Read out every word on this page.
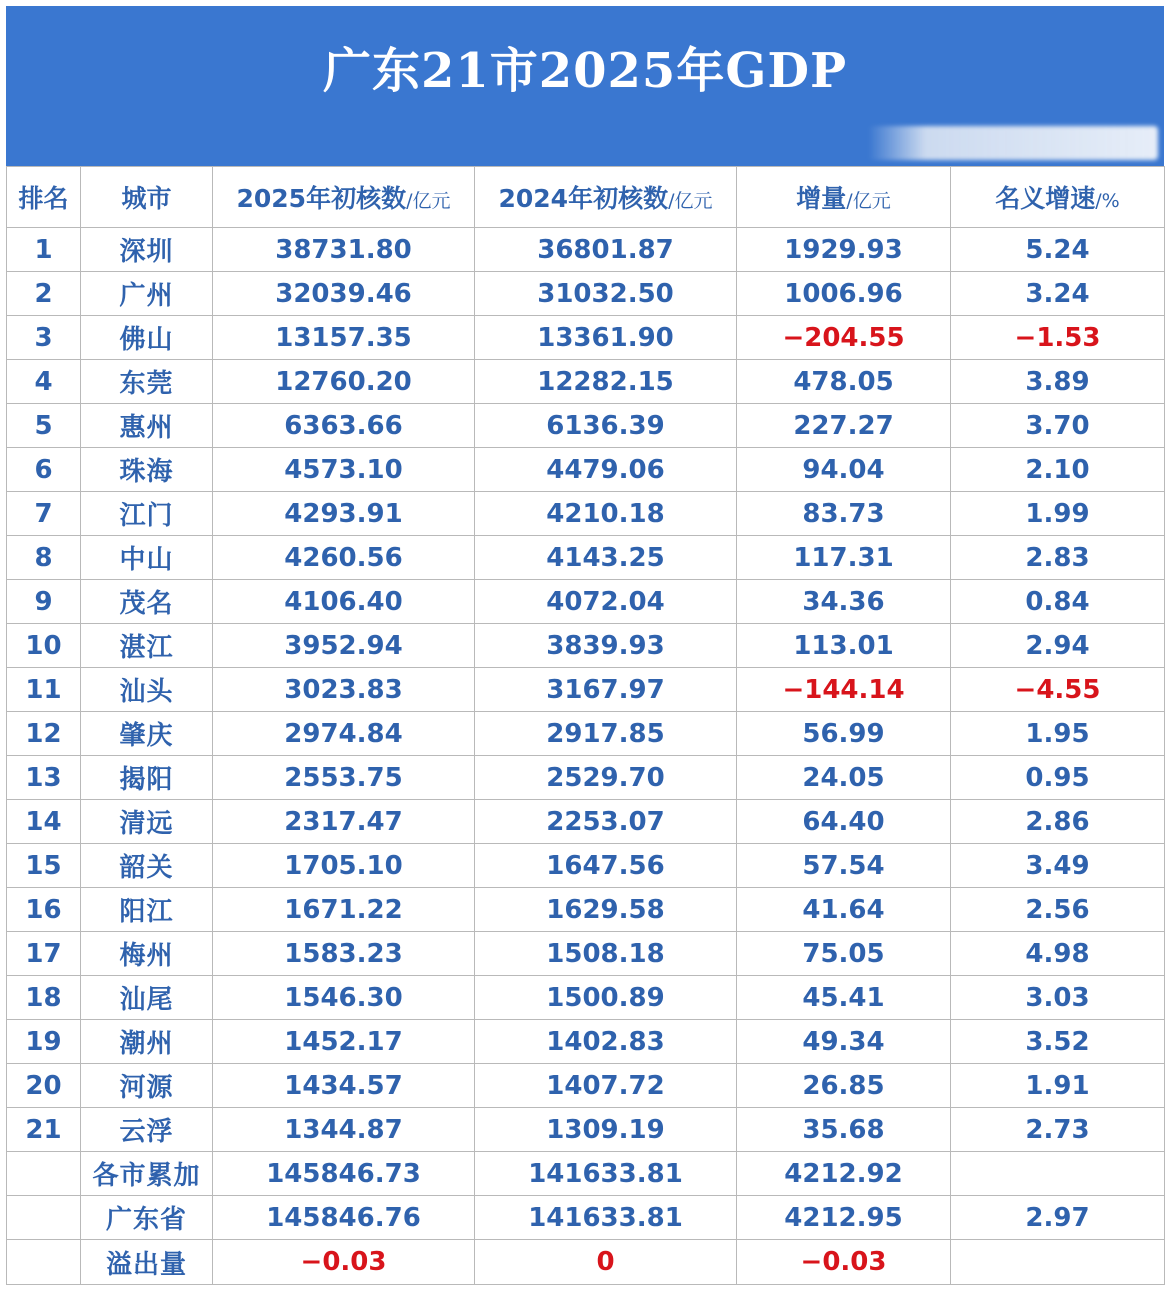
广东21市2025年GDP
排名	城市	2025年初核数/亿元	2024年初核数/亿元	增量/亿元	名义增速/%
1	深圳	38731.80	36801.87	1929.93	5.24
2	广州	32039.46	31032.50	1006.96	3.24
3	佛山	13157.35	13361.90	−204.55	−1.53
4	东莞	12760.20	12282.15	478.05	3.89
5	惠州	6363.66	6136.39	227.27	3.70
6	珠海	4573.10	4479.06	94.04	2.10
7	江门	4293.91	4210.18	83.73	1.99
8	中山	4260.56	4143.25	117.31	2.83
9	茂名	4106.40	4072.04	34.36	0.84
10	湛江	3952.94	3839.93	113.01	2.94
11	汕头	3023.83	3167.97	−144.14	−4.55
12	肇庆	2974.84	2917.85	56.99	1.95
13	揭阳	2553.75	2529.70	24.05	0.95
14	清远	2317.47	2253.07	64.40	2.86
15	韶关	1705.10	1647.56	57.54	3.49
16	阳江	1671.22	1629.58	41.64	2.56
17	梅州	1583.23	1508.18	75.05	4.98
18	汕尾	1546.30	1500.89	45.41	3.03
19	潮州	1452.17	1402.83	49.34	3.52
20	河源	1434.57	1407.72	26.85	1.91
21	云浮	1344.87	1309.19	35.68	2.73
	各市累加	145846.73	141633.81	4212.92	
	广东省	145846.76	141633.81	4212.95	2.97
	溢出量	−0.03	0	−0.03	
